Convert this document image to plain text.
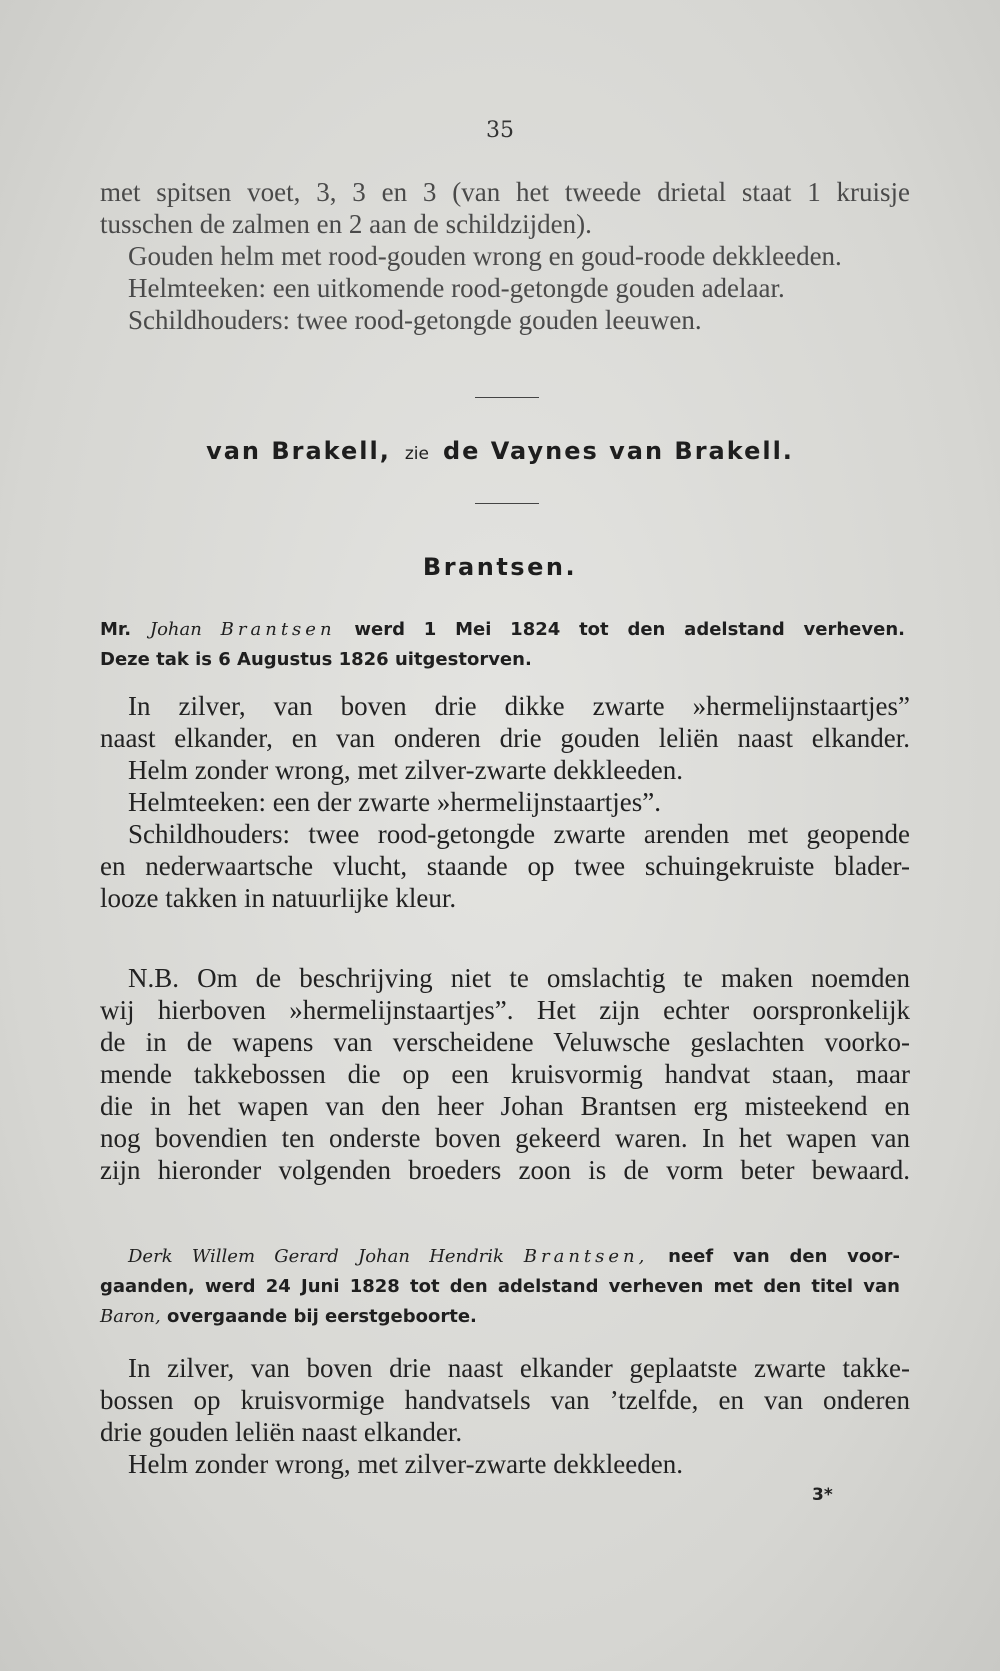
35

met spitsen voet, 3, 3 en 3 (van het tweede drietal staat 1 kruisje

tusschen de zalmen en 2 aan de schildzijden).

Gouden helm met rood-gouden wrong en goud-roode dekkleeden.

Helmteeken: een uitkomende rood-getongde gouden adelaar.

Schildhouders: twee rood-getongde gouden leeuwen.

van Brakell, zie de Vaynes van Brakell.
Brantsen.

Mr. Johan Brantsen werd 1 Mei 1824 tot den adelstand verheven.

Deze tak is 6 Augustus 1826 uitgestorven.

In zilver, van boven drie dikke zwarte »hermelijnstaartjes”

naast elkander, en van onderen drie gouden leliën naast elkander.

Helm zonder wrong, met zilver-zwarte dekkleeden.

Helmteeken: een der zwarte »hermelijnstaartjes”.

Schildhouders: twee rood-getongde zwarte arenden met geopende

en nederwaartsche vlucht, staande op twee schuingekruiste blader-

looze takken in natuurlijke kleur.

N.B. Om de beschrijving niet te omslachtig te maken noemden

wij hierboven »hermelijnstaartjes”. Het zijn echter oorspronkelijk

de in de wapens van verscheidene Veluwsche geslachten voorko-

mende takkebossen die op een kruisvormig handvat staan, maar

die in het wapen van den heer Johan Brantsen erg misteekend en

nog bovendien ten onderste boven gekeerd waren. In het wapen van

zijn hieronder volgenden broeders zoon is de vorm beter bewaard.

Derk Willem Gerard Johan Hendrik Brantsen, neef van den voor-

gaanden, werd 24 Juni 1828 tot den adelstand verheven met den titel van

Baron, overgaande bij eerstgeboorte.

In zilver, van boven drie naast elkander geplaatste zwarte takke-

bossen op kruisvormige handvatsels van ’tzelfde, en van onderen

drie gouden leliën naast elkander.

Helm zonder wrong, met zilver-zwarte dekkleeden.

3*
